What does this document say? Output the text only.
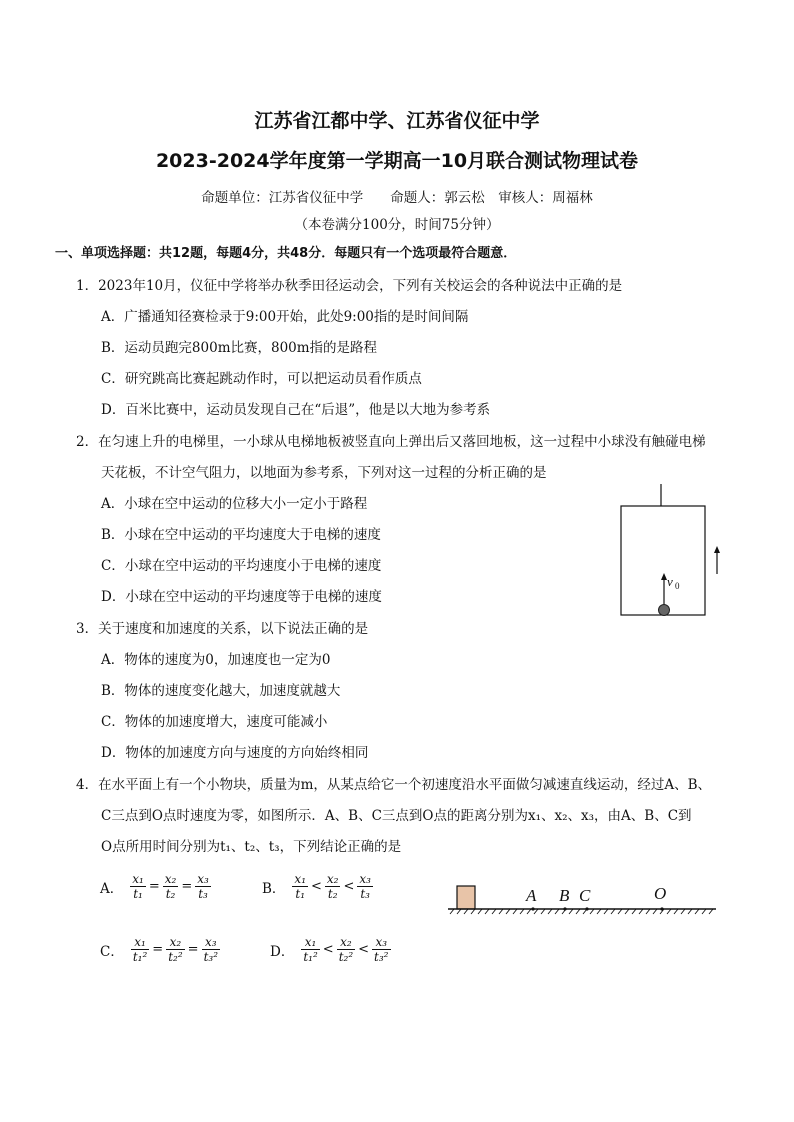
江苏省江都中学、江苏省仪征中学
2023-2024学年度第一学期高一10月联合测试物理试卷
命题单位：江苏省仪征中学　　命题人：郭云松　审核人：周福林
（本卷满分100分，时间75分钟）
一、单项选择题：共12题，每题4分，共48分．每题只有一个选项最符合题意．
1．2023年10月，仪征中学将举办秋季田径运动会，下列有关校运会的各种说法中正确的是
A．广播通知径赛检录于9:00开始，此处9:00指的是时间间隔
B．运动员跑完800m比赛，800m指的是路程
C．研究跳高比赛起跳动作时，可以把运动员看作质点
D．百米比赛中，运动员发现自己在“后退”，他是以大地为参考系
2．在匀速上升的电梯里，一小球从电梯地板被竖直向上弹出后又落回地板，这一过程中小球没有触碰电梯
天花板，不计空气阻力，以地面为参考系，下列对这一过程的分析正确的是
A．小球在空中运动的位移大小一定小于路程
B．小球在空中运动的平均速度大于电梯的速度
C．小球在空中运动的平均速度小于电梯的速度
D．小球在空中运动的平均速度等于电梯的速度
v 0
3．关于速度和加速度的关系，以下说法正确的是
A．物体的速度为0，加速度也一定为0
B．物体的速度变化越大，加速度就越大
C．物体的加速度增大，速度可能减小
D．物体的加速度方向与速度的方向始终相同
4．在水平面上有一个小物块，质量为m，从某点给它一个初速度沿水平面做匀减速直线运动，经过A、B、
C三点到O点时速度为零，如图所示．A、B、C三点到O点的距离分别为x₁、x₂、x₃，由A、B、C到
O点所用时间分别为t₁、t₂、t₃，下列结论正确的是
A． $\frac{\text{x₁}}{\text{t₁}} = \frac{\text{x₂}}{\text{t₂}} = \frac{\text{x₃}}{\text{t₃}}$	B． $\frac{\text{x₁}}{\text{t₁}} < \frac{\text{x₂}}{\text{t₂}} < \frac{\text{x₃}}{\text{t₃}}$
C． $\frac{\text{x₁}}{\text{t₁²}} = \frac{\text{x₂}}{\text{t₂²}} = \frac{\text{x₃}}{\text{t₃²}}$	D． $\frac{\text{x₁}}{\text{t₁²}} < \frac{\text{x₂}}{\text{t₂²}} < \frac{\text{x₃}}{\text{t₃²}}$
A B C	O
